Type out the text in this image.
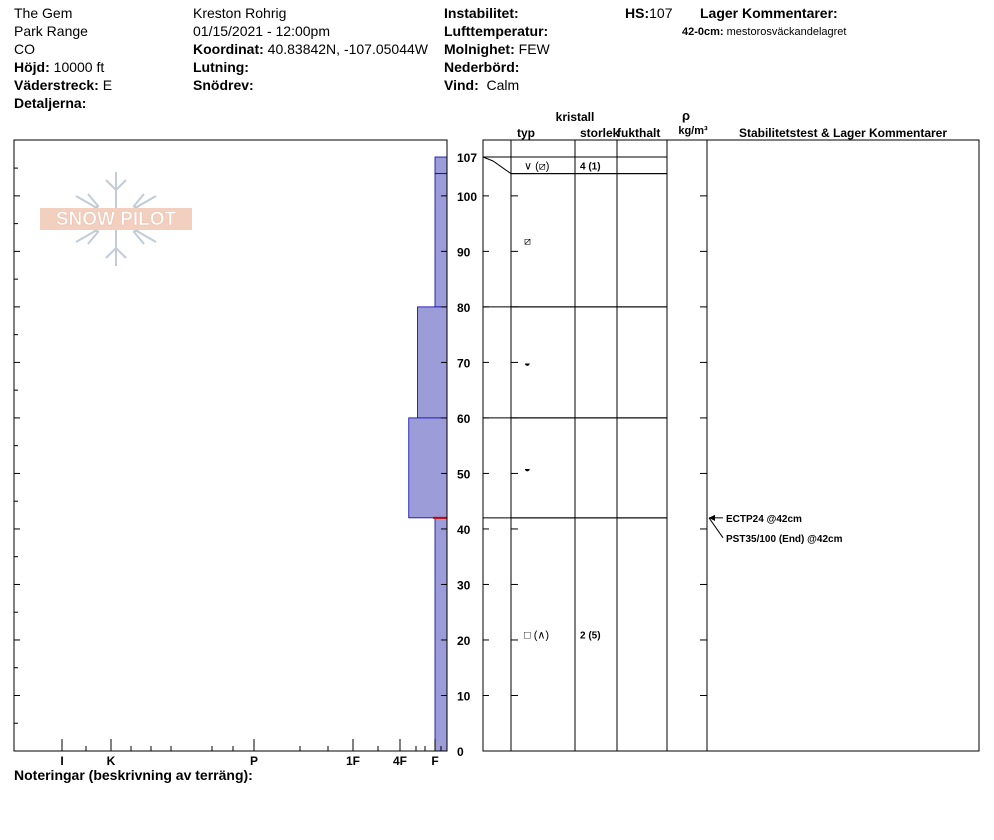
The Gem
Park Range
CO
Höjd: 10000 ft
Väderstreck: E
Detaljerna:
Kreston Rohrig
01/15/2021 - 12:00pm
Koordinat: 40.83842N, -107.05044W
Lutning:
Snödrev:
Instabilitet:
Lufttemperatur:
Molnighet: FEW
Nederbörd:
Vind: Calm
HS:107 Lager Kommentarer:
42-0cm: mestorosväckandelagret
Noteringar (beskrivning av terräng):
SNOW PILOT
I	K	P	1F	4F F
0
10
20
30
40
50
60
70
80
90
100
107
kristall
typ	storlek
fukthalt
ρ
kg/m³	Stabilitetstest & Lager Kommentarer
∨ (⧄)	4 (1)
⧄
◒
◒
□ (∧)	2 (5)
ECTP24 @42cm
PST35/100 (End) @42cm
